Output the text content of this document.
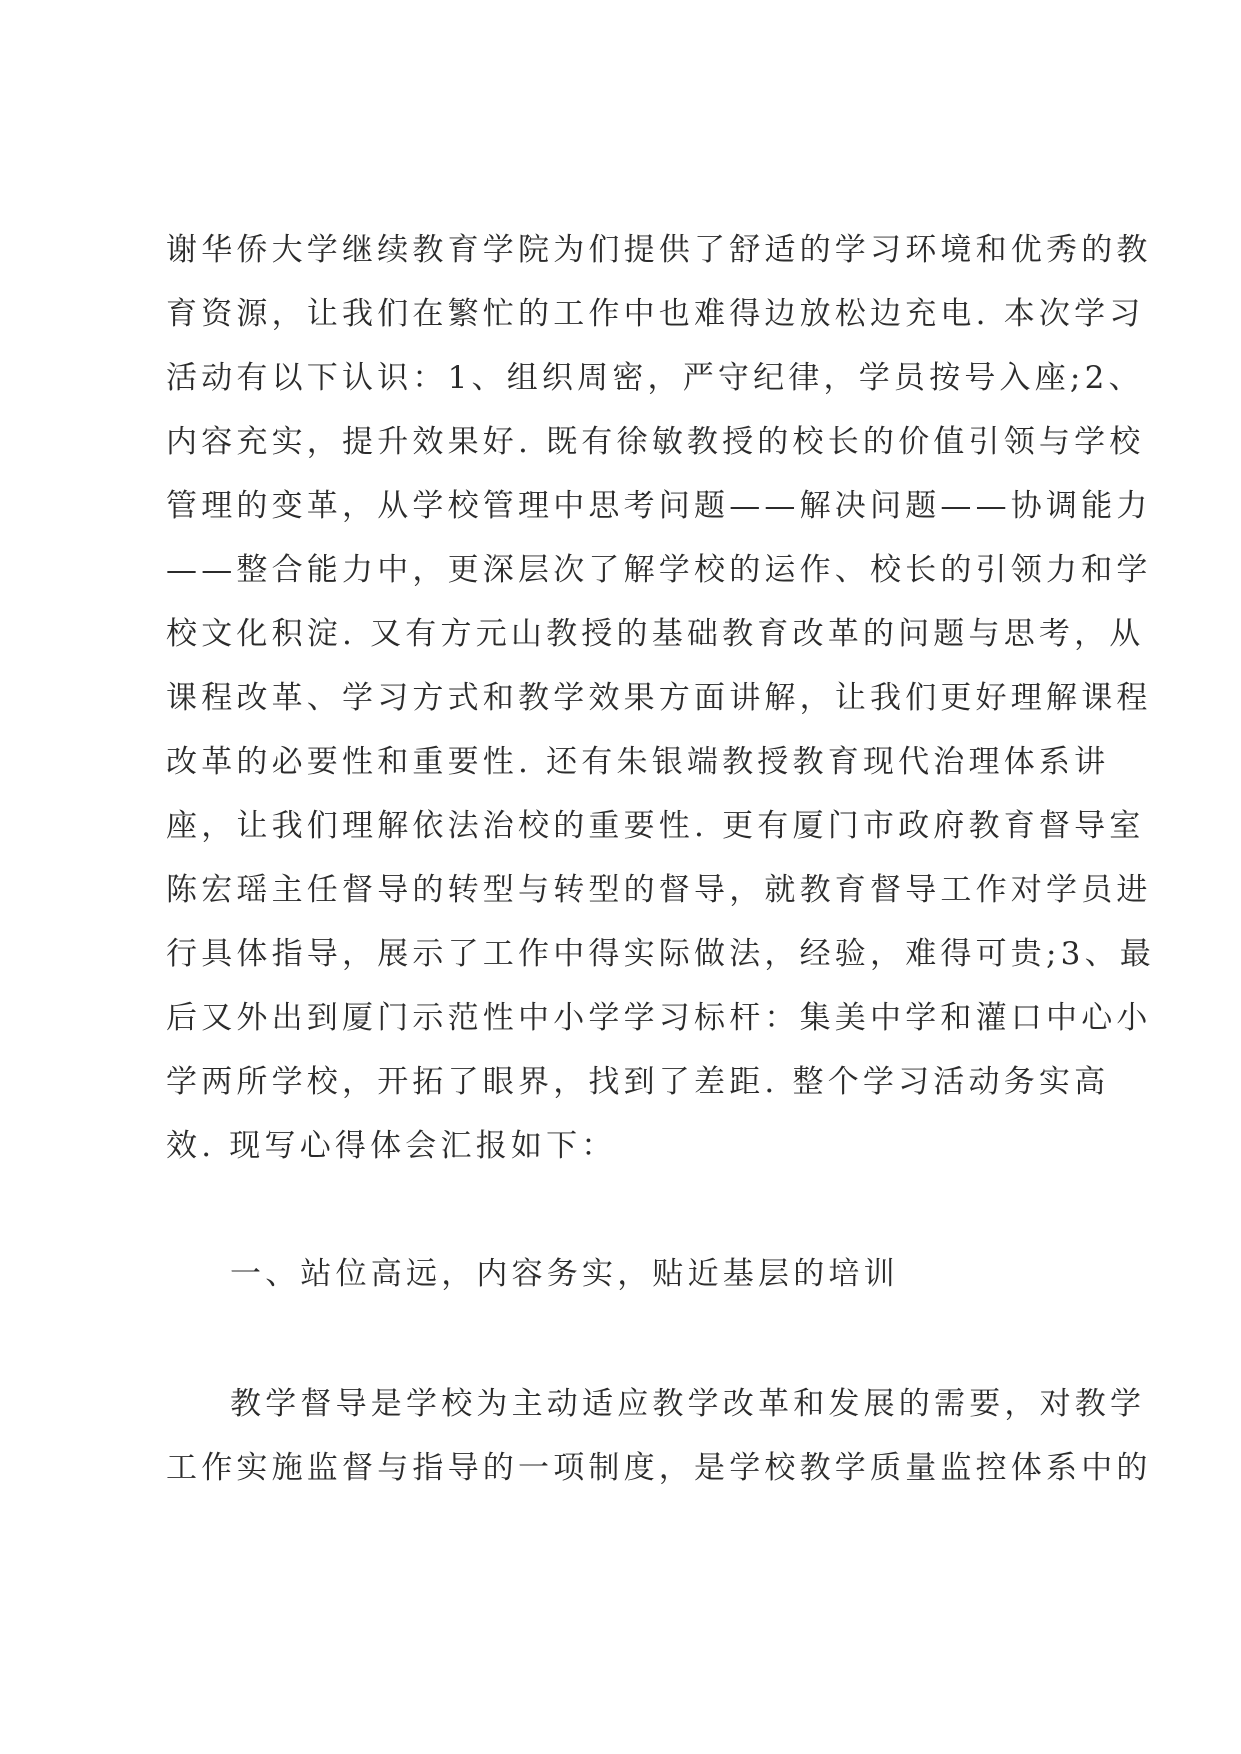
谢华侨大学继续教育学院为们提供了舒适的学习环境和优秀的教
育资源，让我们在繁忙的工作中也难得边放松边充电. 本次学习
活动有以下认识：1、组织周密，严守纪律，学员按号入座;2、
内容充实，提升效果好. 既有徐敏教授的校长的价值引领与学校
管理的变革，从学校管理中思考问题——解决问题——协调能力
——整合能力中，更深层次了解学校的运作、校长的引领力和学
校文化积淀. 又有方元山教授的基础教育改革的问题与思考，从
课程改革、学习方式和教学效果方面讲解，让我们更好理解课程
改革的必要性和重要性. 还有朱银端教授教育现代治理体系讲
座，让我们理解依法治校的重要性. 更有厦门市政府教育督导室
陈宏瑶主任督导的转型与转型的督导，就教育督导工作对学员进
行具体指导，展示了工作中得实际做法，经验，难得可贵;3、最
后又外出到厦门示范性中小学学习标杆：集美中学和灌口中心小
学两所学校，开拓了眼界，找到了差距. 整个学习活动务实高
效. 现写心得体会汇报如下：
一、站位高远，内容务实，贴近基层的培训
教学督导是学校为主动适应教学改革和发展的需要，对教学
工作实施监督与指导的一项制度，是学校教学质量监控体系中的
